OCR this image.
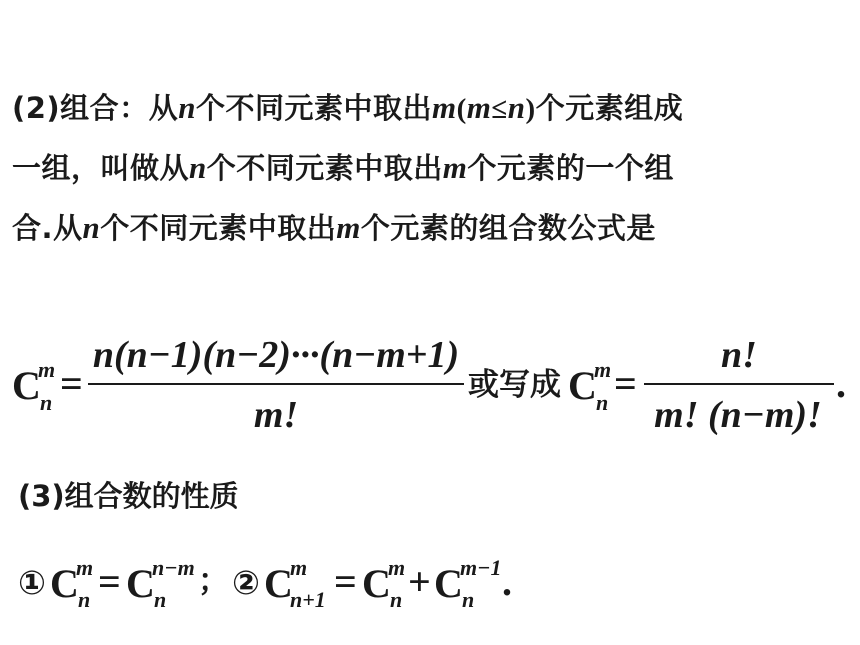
(2)组合：从n个不同元素中取出m(m≤n)个元素组成
一组，叫做从n个不同元素中取出m个元素的一个组
合.从n个不同元素中取出m个元素的组合数公式是
C
m
n =
n(n−1)(n−2)···(n−m+1)
m!
或写成 C
m
n =
n!
m! (n−m)!
.
(3)组合数的性质
① C
m
n = C
n−m
n
； ② C
m
n+1 = C
m
n + C
m−1
n .
